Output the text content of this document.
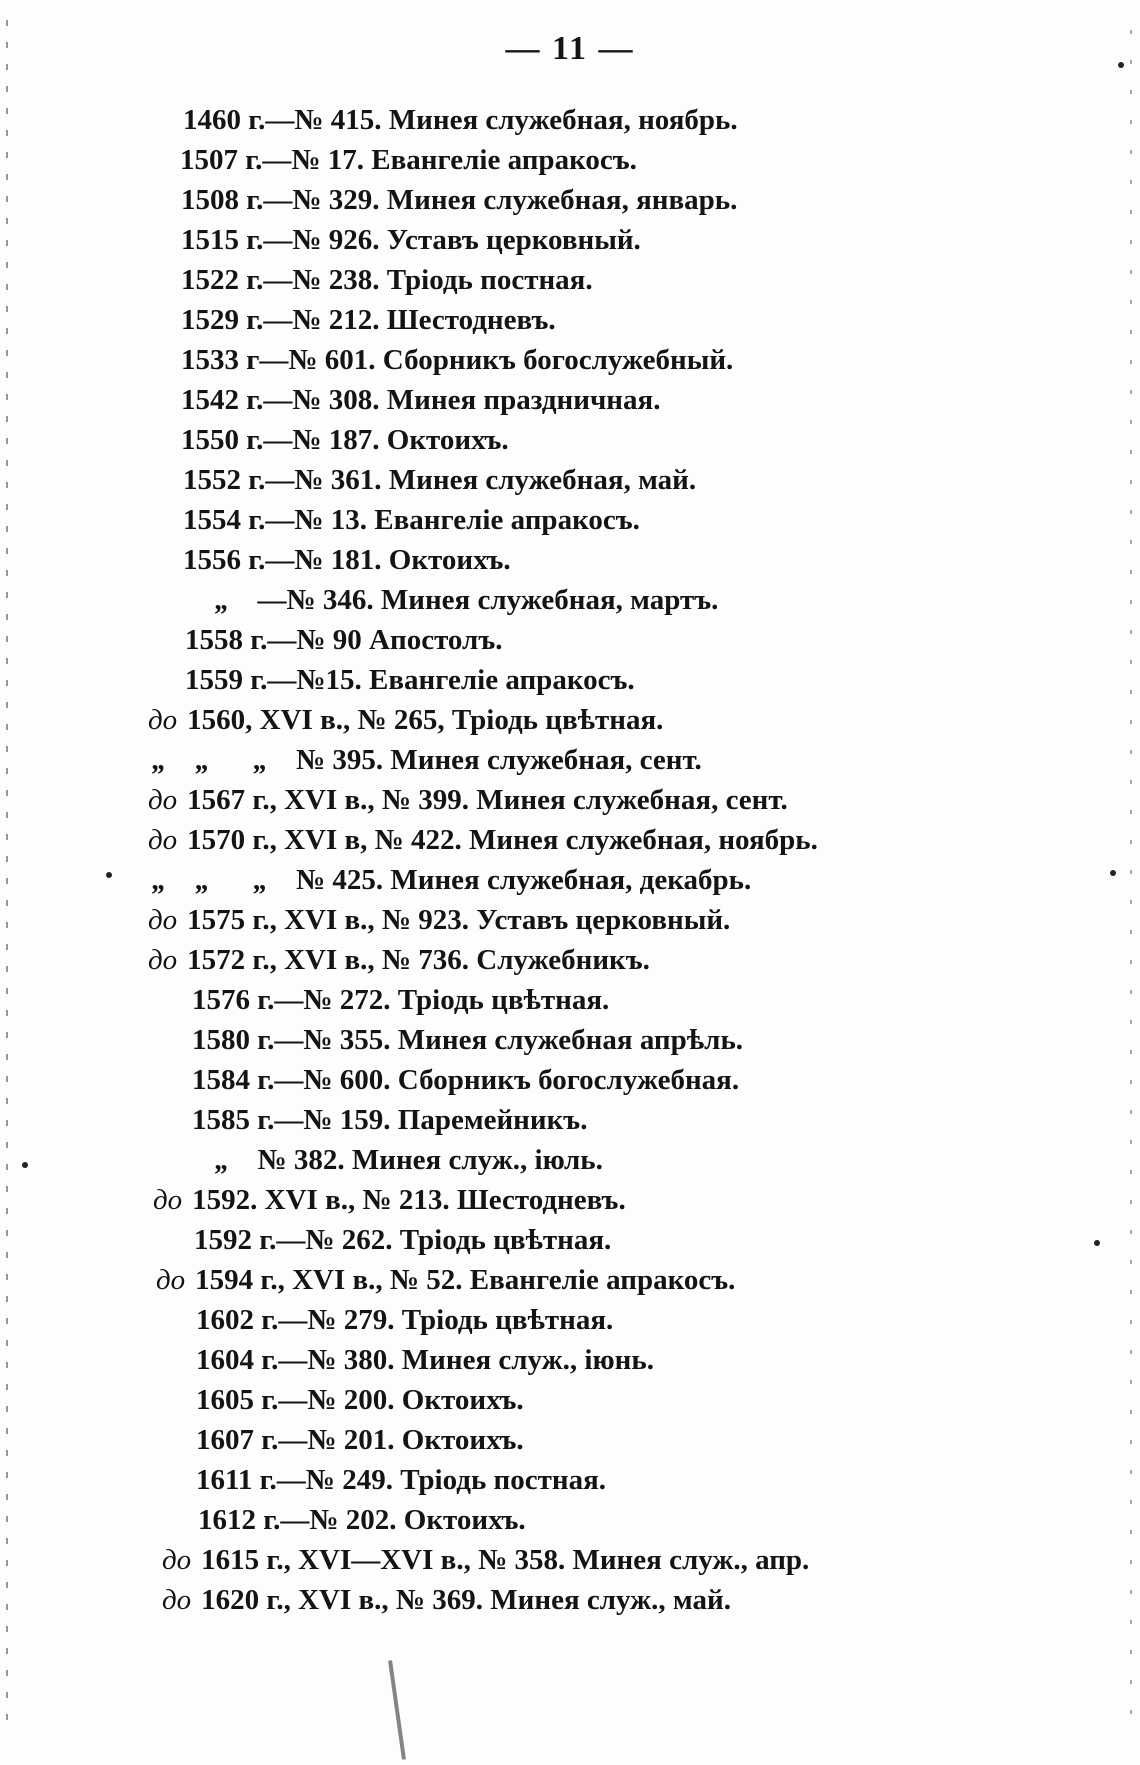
— 11 —
1460 г.—№ 415. Минея служебная, ноябрь.
1507 г.—№ 17. Евангеліе апракосъ.
1508 г.—№ 329. Минея служебная, январь.
1515 г.—№ 926. Уставъ церковный.
1522 г.—№ 238. Тріодь постная.
1529 г.—№ 212. Шестодневъ.
1533 г—№ 601. Сборникъ богослужебный.
1542 г.—№ 308. Минея праздничная.
1550 г.—№ 187. Октоихъ.
1552 г.—№ 361. Минея служебная, май.
1554 г.—№ 13. Евангеліе апракосъ.
1556 г.—№ 181. Октоихъ.
„ —№ 346. Минея служебная, мартъ.
1558 г.—№ 90 Апостолъ.
1559 г.—№15. Евангеліе апракосъ.
до 1560, XVI в., № 265, Тріодь цвѣтная.
„    „      „ № 395. Минея служебная, сент.
до 1567 г., XVI в., № 399. Минея служебная, сент.
до 1570 г., XVI в, № 422. Минея служебная, ноябрь.
„    „      „ № 425. Минея служебная, декабрь.
до 1575 г., XVI в., № 923. Уставъ церковный.
до 1572 г., XVI в., № 736. Служебникъ.
1576 г.—№ 272. Тріодь цвѣтная.
1580 г.—№ 355. Минея служебная апрѣль.
1584 г.—№ 600. Сборникъ богослужебная.
1585 г.—№ 159. Паремейникъ.
„ № 382. Минея служ., іюль.
до 1592. XVI в., № 213. Шестодневъ.
1592 г.—№ 262. Тріодь цвѣтная.
до 1594 г., XVI в., № 52. Евангеліе апракосъ.
1602 г.—№ 279. Тріодь цвѣтная.
1604 г.—№ 380. Минея служ., іюнь.
1605 г.—№ 200. Октоихъ.
1607 г.—№ 201. Октоихъ.
1611 г.—№ 249. Тріодь постная.
1612 г.—№ 202. Октоихъ.
до 1615 г., XVI—XVI в., № 358. Минея служ., апр.
до 1620 г., XVI в., № 369. Минея служ., май.
